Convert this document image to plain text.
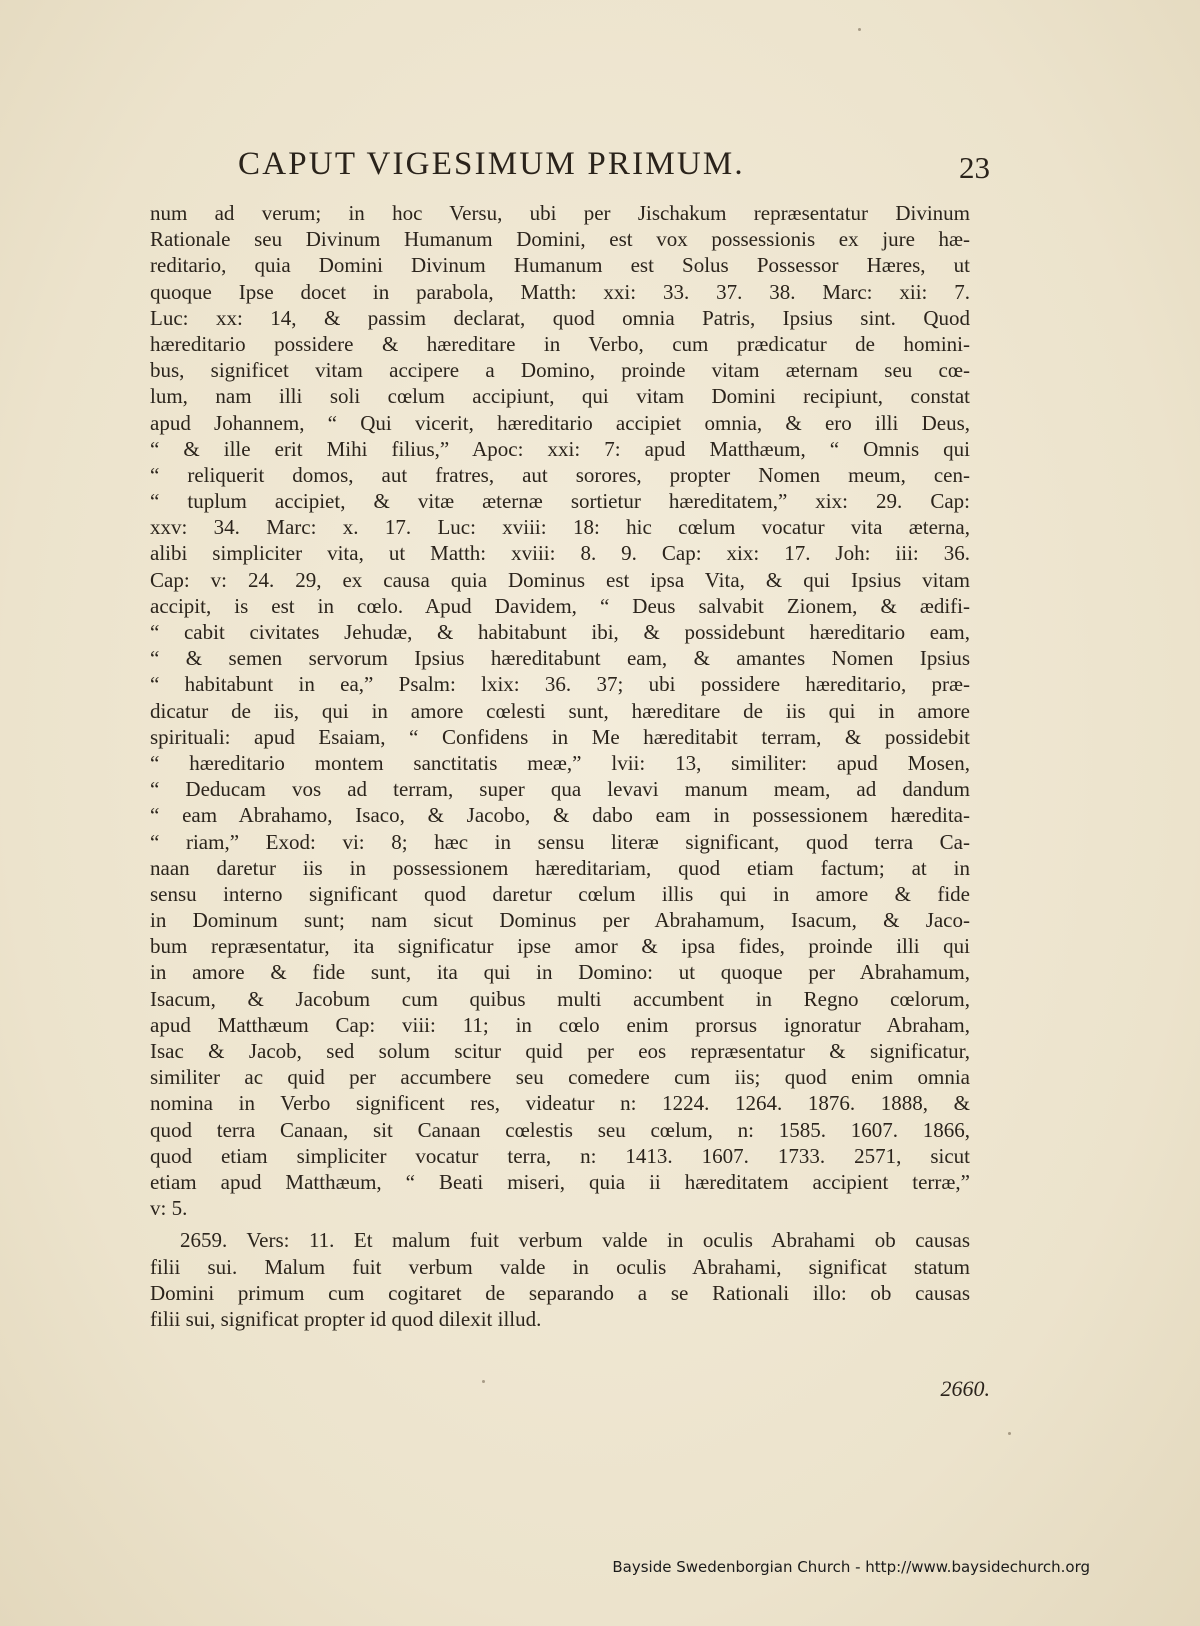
CAPUT VIGESIMUM PRIMUM.	23
num ad verum; in hoc Versu, ubi per Jischakum repræsentatur Divinum
Rationale seu Divinum Humanum Domini, est vox possessionis ex jure hæ-
reditario, quia Domini Divinum Humanum est Solus Possessor Hæres, ut
quoque Ipse docet in parabola, Matth: xxi: 33. 37. 38. Marc: xii: 7.
Luc: xx: 14, & passim declarat, quod omnia Patris, Ipsius sint. Quod
hæreditario possidere & hæreditare in Verbo, cum prædicatur de homini-
bus, significet vitam accipere a Domino, proinde vitam æternam seu cœ-
lum, nam illi soli cœlum accipiunt, qui vitam Domini recipiunt, constat
apud Johannem, “ Qui vicerit, hæreditario accipiet omnia, & ero illi Deus,
“ & ille erit Mihi filius,” Apoc: xxi: 7: apud Matthæum, “ Omnis qui
“ reliquerit domos, aut fratres, aut sorores, propter Nomen meum, cen-
“ tuplum accipiet, & vitæ æternæ sortietur hæreditatem,” xix: 29. Cap:
xxv: 34. Marc: x. 17. Luc: xviii: 18: hic cœlum vocatur vita æterna,
alibi simpliciter vita, ut Matth: xviii: 8. 9. Cap: xix: 17. Joh: iii: 36.
Cap: v: 24. 29, ex causa quia Dominus est ipsa Vita, & qui Ipsius vitam
accipit, is est in cœlo. Apud Davidem, “ Deus salvabit Zionem, & ædifi-
“ cabit civitates Jehudæ, & habitabunt ibi, & possidebunt hæreditario eam,
“ & semen servorum Ipsius hæreditabunt eam, & amantes Nomen Ipsius
“ habitabunt in ea,” Psalm: lxix: 36. 37; ubi possidere hæreditario, præ-
dicatur de iis, qui in amore cœlesti sunt, hæreditare de iis qui in amore
spirituali: apud Esaiam, “ Confidens in Me hæreditabit terram, & possidebit
“ hæreditario montem sanctitatis meæ,” lvii: 13, similiter: apud Mosen,
“ Deducam vos ad terram, super qua levavi manum meam, ad dandum
“ eam Abrahamo, Isaco, & Jacobo, & dabo eam in possessionem hæredita-
“ riam,” Exod: vi: 8; hæc in sensu literæ significant, quod terra Ca-
naan daretur iis in possessionem hæreditariam, quod etiam factum; at in
sensu interno significant quod daretur cœlum illis qui in amore & fide
in Dominum sunt; nam sicut Dominus per Abrahamum, Isacum, & Jaco-
bum repræsentatur, ita significatur ipse amor & ipsa fides, proinde illi qui
in amore & fide sunt, ita qui in Domino: ut quoque per Abrahamum,
Isacum, & Jacobum cum quibus multi accumbent in Regno cœlorum,
apud Matthæum Cap: viii: 11; in cœlo enim prorsus ignoratur Abraham,
Isac & Jacob, sed solum scitur quid per eos repræsentatur & significatur,
similiter ac quid per accumbere seu comedere cum iis; quod enim omnia
nomina in Verbo significent res, videatur n: 1224. 1264. 1876. 1888, &
quod terra Canaan, sit Canaan cœlestis seu cœlum, n: 1585. 1607. 1866,
quod etiam simpliciter vocatur terra, n: 1413. 1607. 1733. 2571, sicut
etiam apud Matthæum, “ Beati miseri, quia ii hæreditatem accipient terræ,”
v: 5.
2659. Vers: 11. Et malum fuit verbum valde in oculis Abrahami ob causas
filii sui. Malum fuit verbum valde in oculis Abrahami, significat statum
Domini primum cum cogitaret de separando a se Rationali illo: ob causas
filii sui, significat propter id quod dilexit illud.
2660.
Bayside Swedenborgian Church - http://www.baysidechurch.org
